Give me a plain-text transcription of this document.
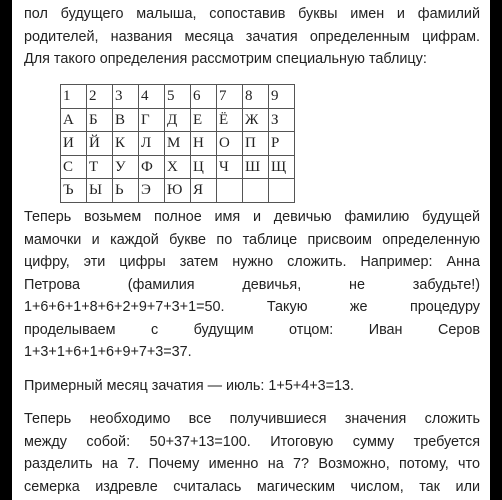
пол будущего малыша, сопоставив буквы имен и фамилий
родителей, названия месяца зачатия определенным цифрам.
Для такого определения рассмотрим специальную таблицу:
1	2	3	4	5	6	7	8	9
А	Б	В	Г	Д	Е	Ё	Ж	З
И	Й	К	Л	М	Н	О	П	Р
С	Т	У	Ф	Х	Ц	Ч	Ш	Щ
Ъ	Ы	Ь	Э	Ю	Я			
Теперь возьмем полное имя и девичью фамилию будущей
мамочки и каждой букве по таблице присвоим определенную
цифру, эти цифры затем нужно сложить. Например: Анна
Петрова (фамилия девичья, не забудьте!)
1+6+6+1+8+6+2+9+7+3+1=50. Такую же процедуру
проделываем с будущим отцом: Иван Серов
1+3+1+6+1+6+9+7+3=37.
Примерный месяц зачатия — июль: 1+5+4+3=13.
Теперь необходимо все получившиеся значения сложить
между собой: 50+37+13=100. Итоговую сумму требуется
разделить на 7. Почему именно на 7? Возможно, потому, что
семерка издревле считалась магическим числом, так или
